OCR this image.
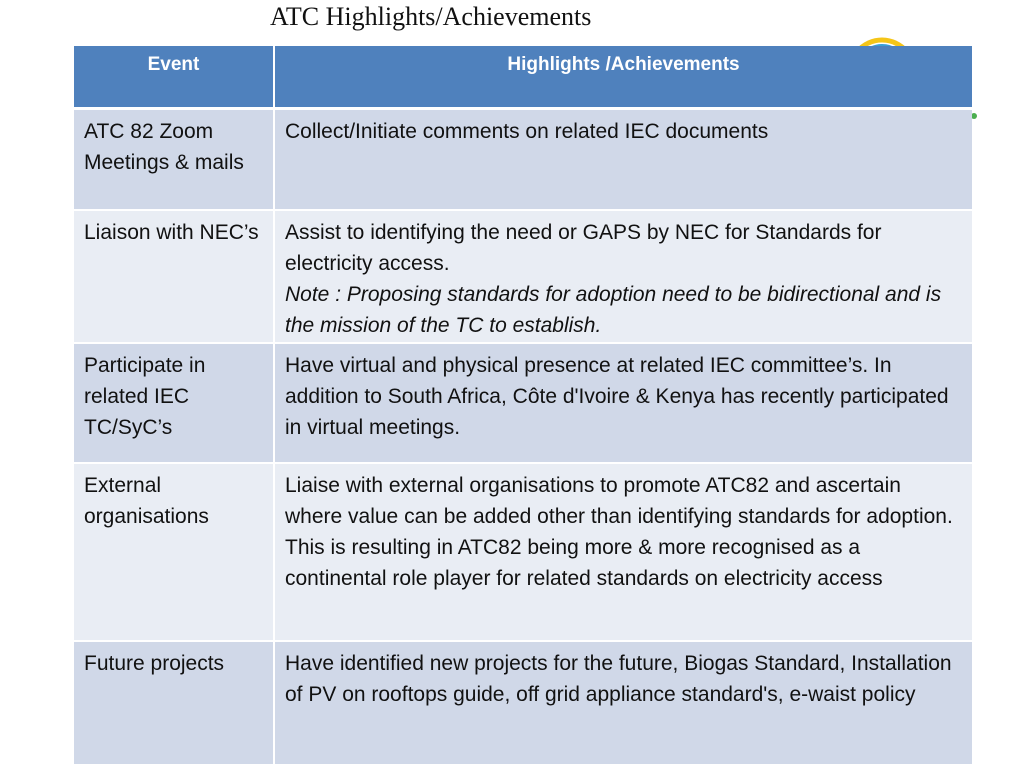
ATC Highlights/Achievements
Event	Highlights /Achievements
ATC 82 Zoom Meetings & mails	Collect/Initiate comments on related IEC documents

Liaison with NEC’s	Assist to identifying the need or GAPS by NEC for Standards for electricity access.
Note : Proposing standards for adoption need to be bidirectional and is the mission of the TC to establish.

Participate in related IEC TC/SyC’s	Have virtual and physical presence at related IEC committee’s. In addition to South Africa, Côte d'Ivoire & Kenya has recently participated in virtual meetings.

External organisations	Liaise with external organisations to promote ATC82 and ascertain where value can be added other than identifying standards for adoption. This is resulting in ATC82 being more & more recognised as a continental role player for related standards on electricity access

Future projects	Have identified new projects for the future, Biogas Standard, Installation of PV on rooftops guide, off grid appliance standard's, e-waist policy
